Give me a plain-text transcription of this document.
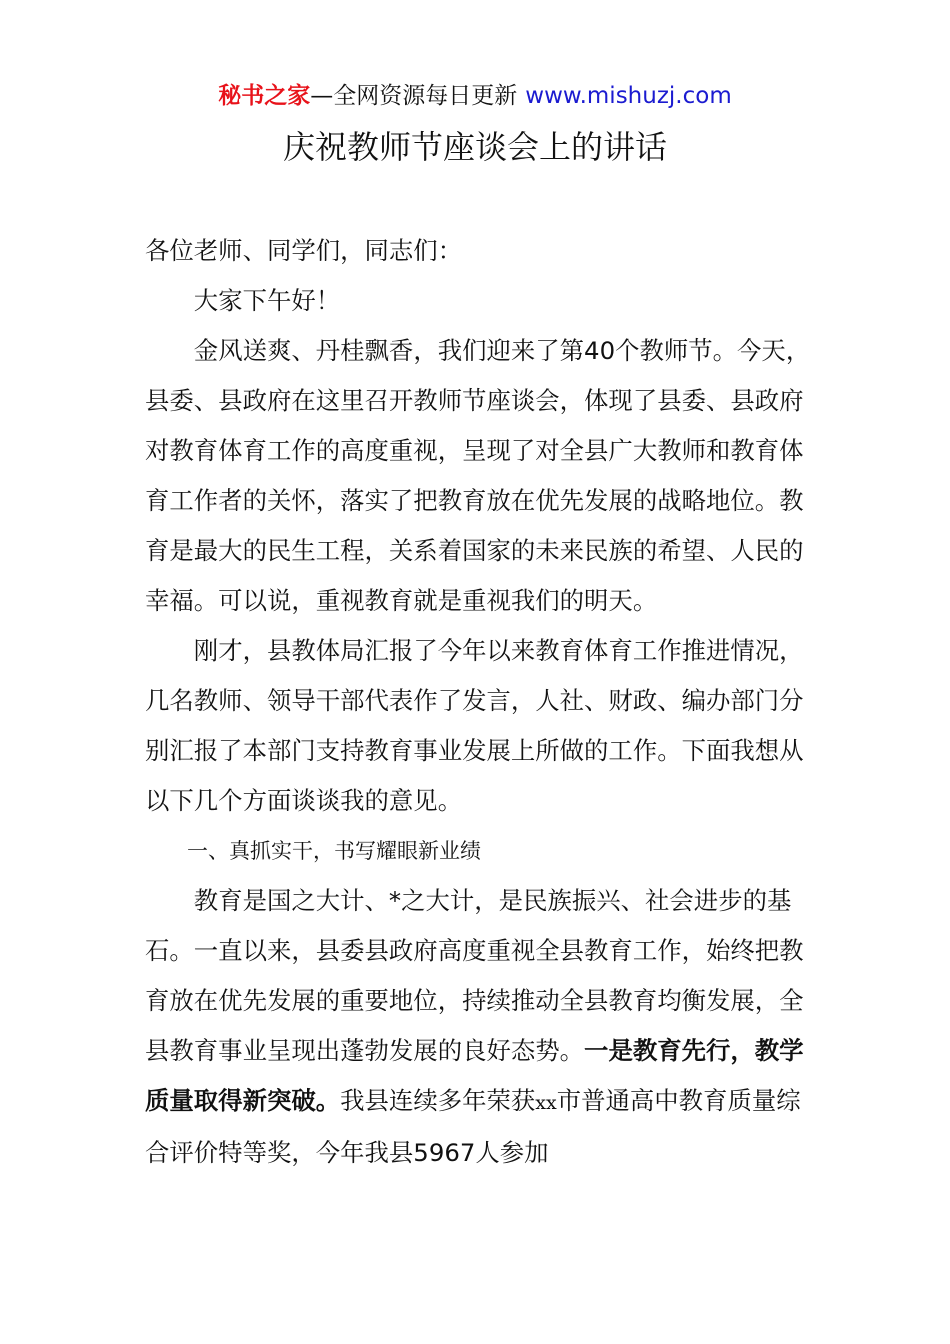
秘书之家—全网资源每日更新 www.mishuzj.com
庆祝教师节座谈会上的讲话

各位老师、同学们，同志们：

大家下午好！

金风送爽、丹桂飘香，我们迎来了第40个教师节。今天，县委、县政府在这里召开教师节座谈会，体现了县委、县政府对教育体育工作的高度重视，呈现了对全县广大教师和教育体育工作者的关怀，落实了把教育放在优先发展的战略地位。教育是最大的民生工程，关系着国家的未来民族的希望、人民的幸福。可以说，重视教育就是重视我们的明天。

刚才，县教体局汇报了今年以来教育体育工作推进情况，几名教师、领导干部代表作了发言，人社、财政、编办部门分别汇报了本部门支持教育事业发展上所做的工作。下面我想从以下几个方面谈谈我的意见。

一、真抓实干，书写耀眼新业绩

教育是国之大计、*之大计，是民族振兴、社会进步的基石。一直以来，县委县政府高度重视全县教育工作，始终把教育放在优先发展的重要地位，持续推动全县教育均衡发展，全县教育事业呈现出蓬勃发展的良好态势。一是教育先行，教学质量取得新突破。我县连续多年荣获xx市普通高中教育质量综合评价特等奖，今年我县5967人参加
